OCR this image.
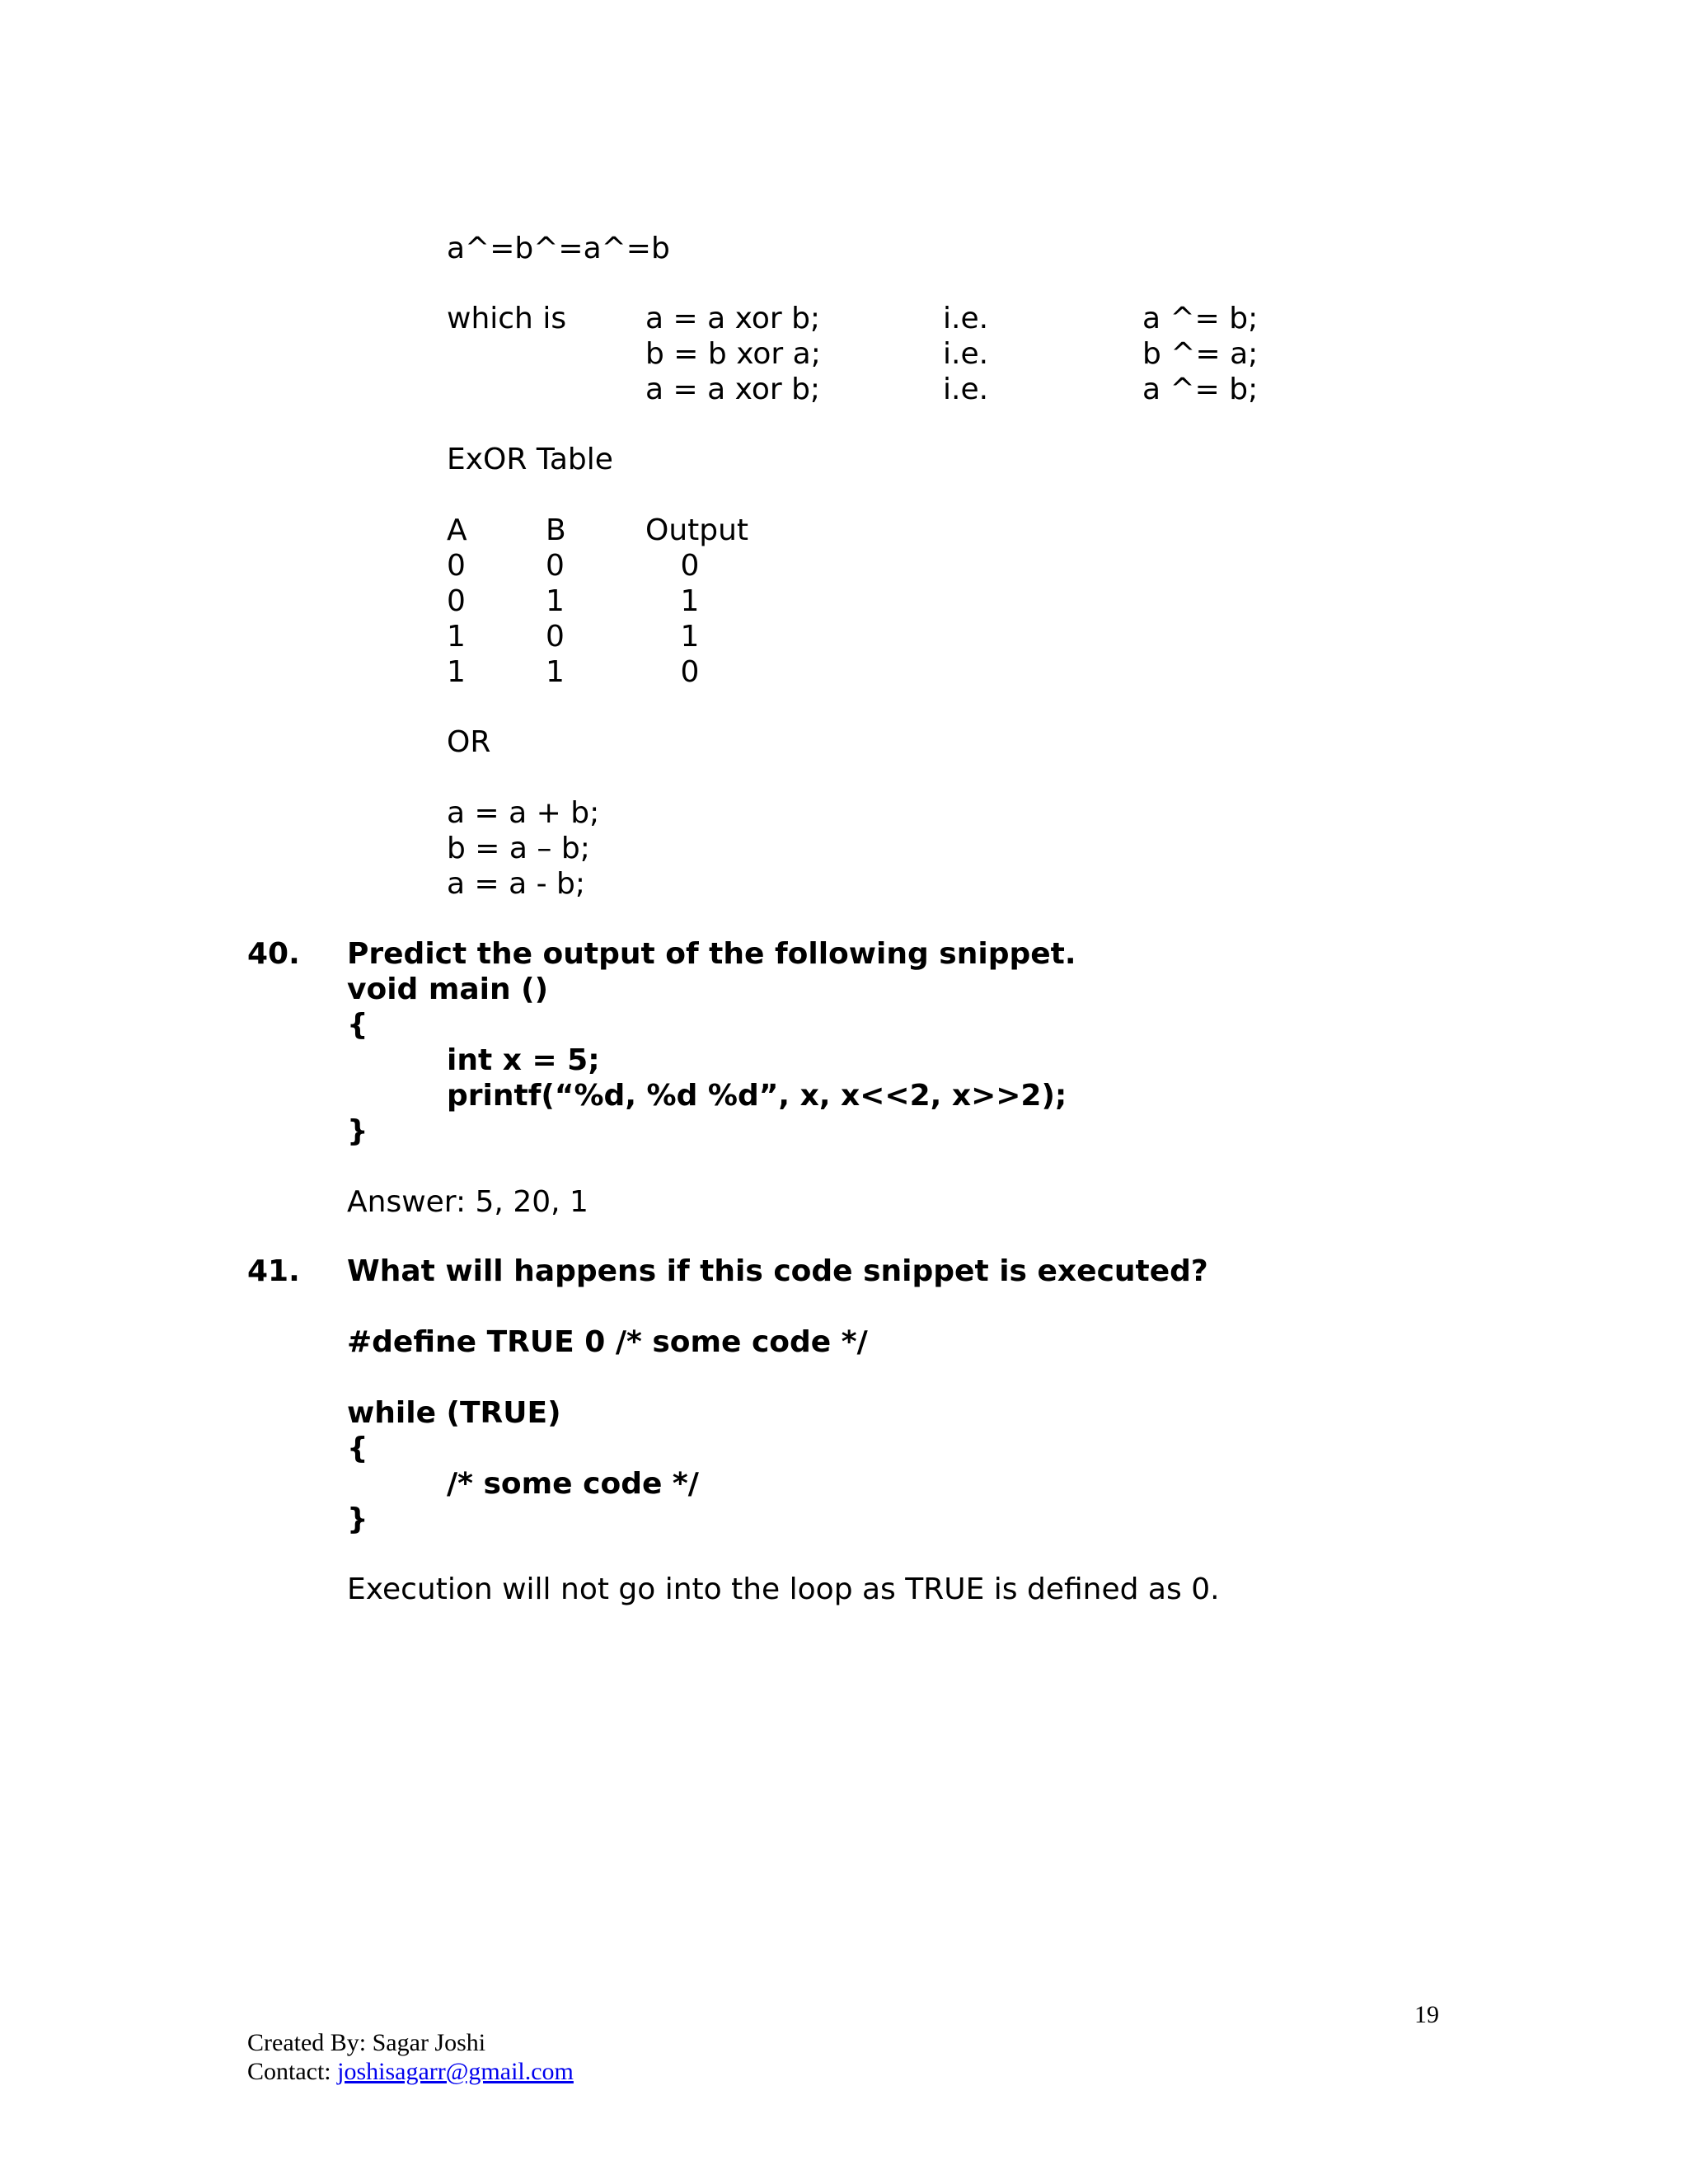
a^=b^=a^=b
which is	a = a xor b;	i.e.	a ^= b;
b = b xor a;	i.e.	b ^= a;
a = a xor b;	i.e.	a ^= b;
ExOR Table
A	B	Output
0	0	0
0	1	1
1	0	1
1	1	0
OR
a = a + b;
b = a – b;
a = a - b;
40. Predict the output of the following snippet.
void main ()
{
int x = 5;
printf(“%d, %d %d”, x, x<<2, x>>2);
}
Answer: 5, 20, 1
41. What will happens if this code snippet is executed?
#define TRUE 0 /* some code */
while (TRUE)
{
/* some code */
}
Execution will not go into the loop as TRUE is defined as 0.
19
Created By: Sagar Joshi
Contact: joshisagarr@gmail.com
